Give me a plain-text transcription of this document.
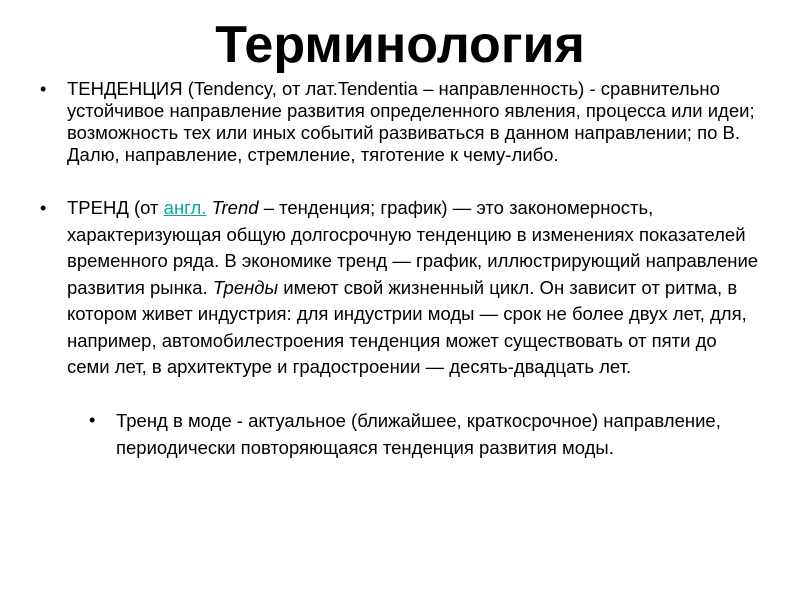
Терминология
• ТЕНДЕНЦИЯ (Tendency, от лат.Tendentia – направленность) - сравнительно устойчивое направление развития определенного явления, процесса или идеи; возможность тех или иных событий развиваться в данном направлении; по В. Далю, направление, стремление, тяготение к чему-либо.
• ТРЕНД (от англ. Trend – тенденция; график) — это закономерность, характеризующая общую долгосрочную тенденцию в изменениях показателей временного ряда. В экономике тренд — график, иллюстрирующий направление развития рынка. Тренды имеют свой жизненный цикл. Он зависит от ритма, в котором живет индустрия: для индустрии моды — срок не более двух лет, для, например, автомобилестроения тенденция может существовать от пяти до семи лет, в архитектуре и градостроении — десять-двадцать лет.
• Тренд в моде - актуальное (ближайшее, краткосрочное) направление, периодически повторяющаяся тенденция развития моды.
